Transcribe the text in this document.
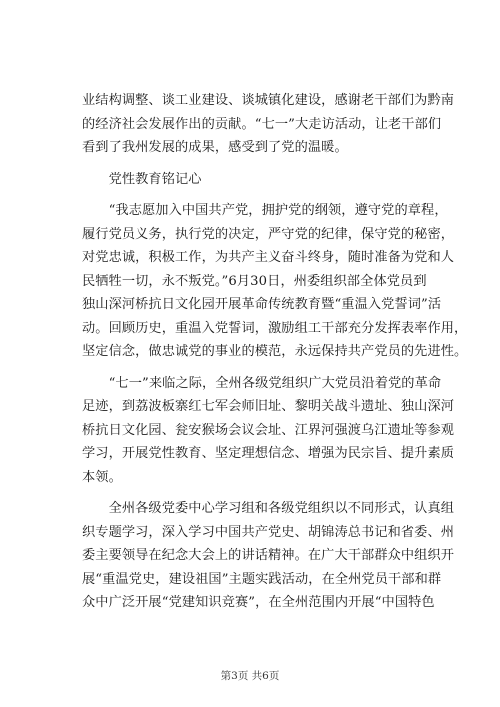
业结构调整、谈工业建设、谈城镇化建设，感谢老干部们为黔南
的经济社会发展作出的贡献。“七一”大走访活动，让老干部们
看到了我州发展的成果，感受到了党的温暖。
　　党性教育铭记心
　　“我志愿加入中国共产党，拥护党的纲领，遵守党的章程，
履行党员义务，执行党的决定，严守党的纪律，保守党的秘密，
对党忠诚，积极工作，为共产主义奋斗终身，随时准备为党和人
民牺牲一切，永不叛党。”6月30日，州委组织部全体党员到
独山深河桥抗日文化园开展革命传统教育暨“重温入党誓词”活
动。回顾历史，重温入党誓词，激励组工干部充分发挥表率作用，
坚定信念，做忠诚党的事业的模范，永远保持共产党员的先进性。
　　“七一”来临之际，全州各级党组织广大党员沿着党的革命
足迹，到荔波板寨红七军会师旧址、黎明关战斗遗址、独山深河
桥抗日文化园、瓮安猴场会议会址、江界河强渡乌江遗址等参观
学习，开展党性教育、坚定理想信念、增强为民宗旨、提升素质
本领。
　　全州各级党委中心学习组和各级党组织以不同形式，认真组
织专题学习，深入学习中国共产党史、胡锦涛总书记和省委、州
委主要领导在纪念大会上的讲话精神。在广大干部群众中组织开
展“重温党史，建设祖国”主题实践活动，在全州党员干部和群
众中广泛开展“党建知识竞赛”，在全州范围内开展“中国特色
第3页 共6页
